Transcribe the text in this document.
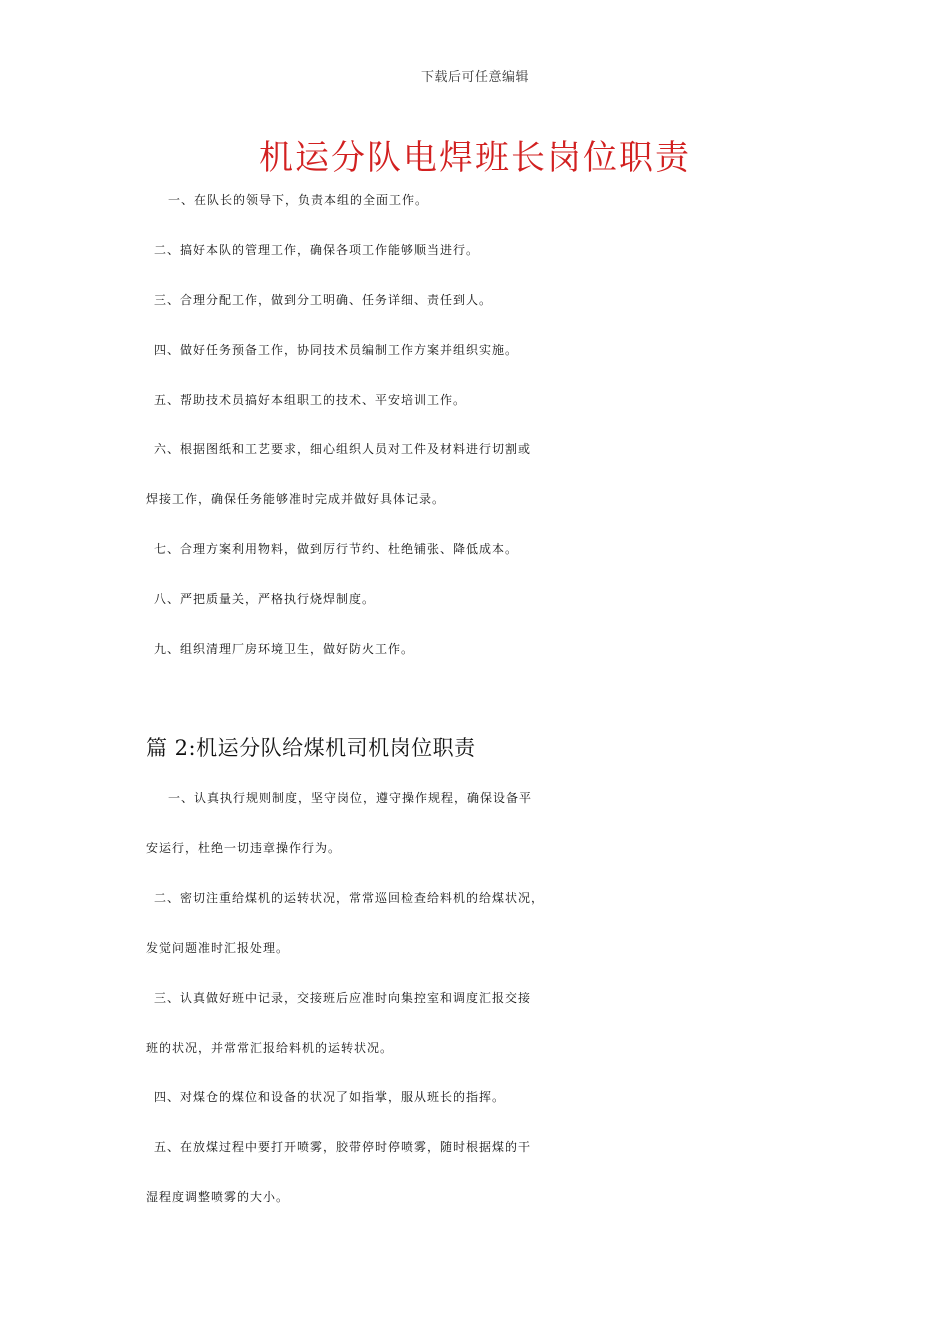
下载后可任意编辑
机运分队电焊班长岗位职责
一、在队长的领导下，负责本组的全面工作。
二、搞好本队的管理工作，确保各项工作能够顺当进行。
三、合理分配工作，做到分工明确、任务详细、责任到人。
四、做好任务预备工作，协同技术员编制工作方案并组织实施。
五、帮助技术员搞好本组职工的技术、平安培训工作。
六、根据图纸和工艺要求，细心组织人员对工件及材料进行切割或
焊接工作，确保任务能够准时完成并做好具体记录。
七、合理方案利用物料，做到厉行节约、杜绝铺张、降低成本。
八、严把质量关，严格执行烧焊制度。
九、组织清理厂房环境卫生，做好防火工作。
篇 2:机运分队给煤机司机岗位职责
一、认真执行规则制度，坚守岗位，遵守操作规程，确保设备平
安运行，杜绝一切违章操作行为。
二、密切注重给煤机的运转状况，常常巡回检查给料机的给煤状况，
发觉问题准时汇报处理。
三、认真做好班中记录，交接班后应准时向集控室和调度汇报交接
班的状况，并常常汇报给料机的运转状况。
四、对煤仓的煤位和设备的状况了如指掌，服从班长的指挥。
五、在放煤过程中要打开喷雾，胶带停时停喷雾，随时根据煤的干
湿程度调整喷雾的大小。
